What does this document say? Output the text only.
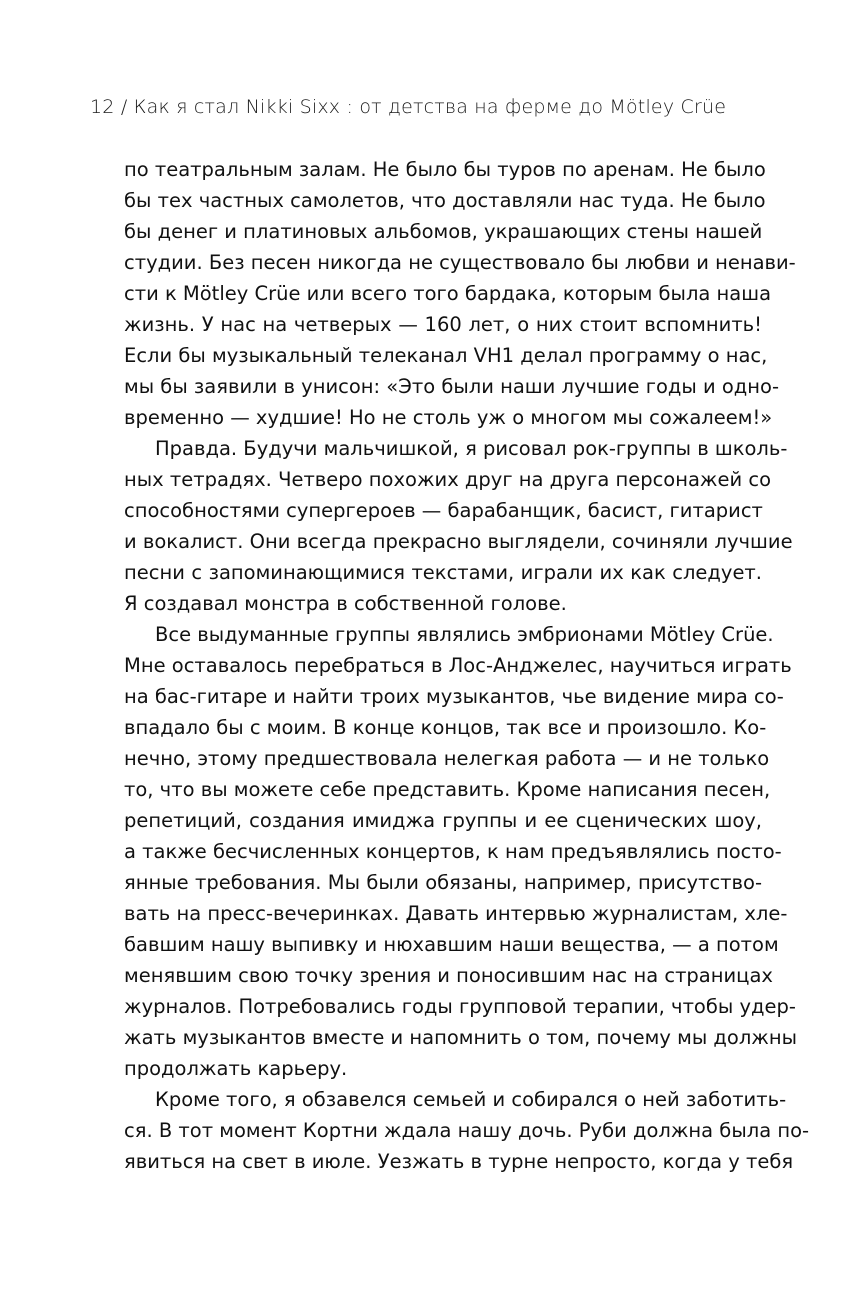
12 / Как я стал Nikki Sixx : от детства на ферме до Mötley Crüe
по театральным залам. Не было бы туров по аренам. Не было
бы тех частных самолетов, что доставляли нас туда. Не было
бы денег и платиновых альбомов, украшающих стены нашей
студии. Без песен никогда не существовало бы любви и ненави-
сти к Mötley Crüe или всего того бардака, которым была наша
жизнь. У нас на четверых — 160 лет, о них стоит вспомнить!
Если бы музыкальный телеканал VH1 делал программу о нас,
мы бы заявили в унисон: «Это были наши лучшие годы и одно-
временно — худшие! Но не столь уж о многом мы сожалеем!»
Правда. Будучи мальчишкой, я рисовал рок-группы в школь-
ных тетрадях. Четверо похожих друг на друга персонажей со
способностями супергероев — барабанщик, басист, гитарист
и вокалист. Они всегда прекрасно выглядели, сочиняли лучшие
песни с запоминающимися текстами, играли их как следует.
Я создавал монстра в собственной голове.
Все выдуманные группы являлись эмбрионами Mötley Crüe.
Мне оставалось перебраться в Лос-Анджелес, научиться играть
на бас-гитаре и найти троих музыкантов, чье видение мира со-
впадало бы с моим. В конце концов, так все и произошло. Ко-
нечно, этому предшествовала нелегкая работа — и не только
то, что вы можете себе представить. Кроме написания песен,
репетиций, создания имиджа группы и ее сценических шоу,
а также бесчисленных концертов, к нам предъявлялись посто-
янные требования. Мы были обязаны, например, присутство-
вать на пресс-вечеринках. Давать интервью журналистам, хле-
бавшим нашу выпивку и нюхавшим наши вещества, — а потом
менявшим свою точку зрения и поносившим нас на страницах
журналов. Потребовались годы групповой терапии, чтобы удер-
жать музыкантов вместе и напомнить о том, почему мы должны
продолжать карьеру.
Кроме того, я обзавелся семьей и собирался о ней заботить-
ся. В тот момент Кортни ждала нашу дочь. Руби должна была по-
явиться на свет в июле. Уезжать в турне непросто, когда у тебя
